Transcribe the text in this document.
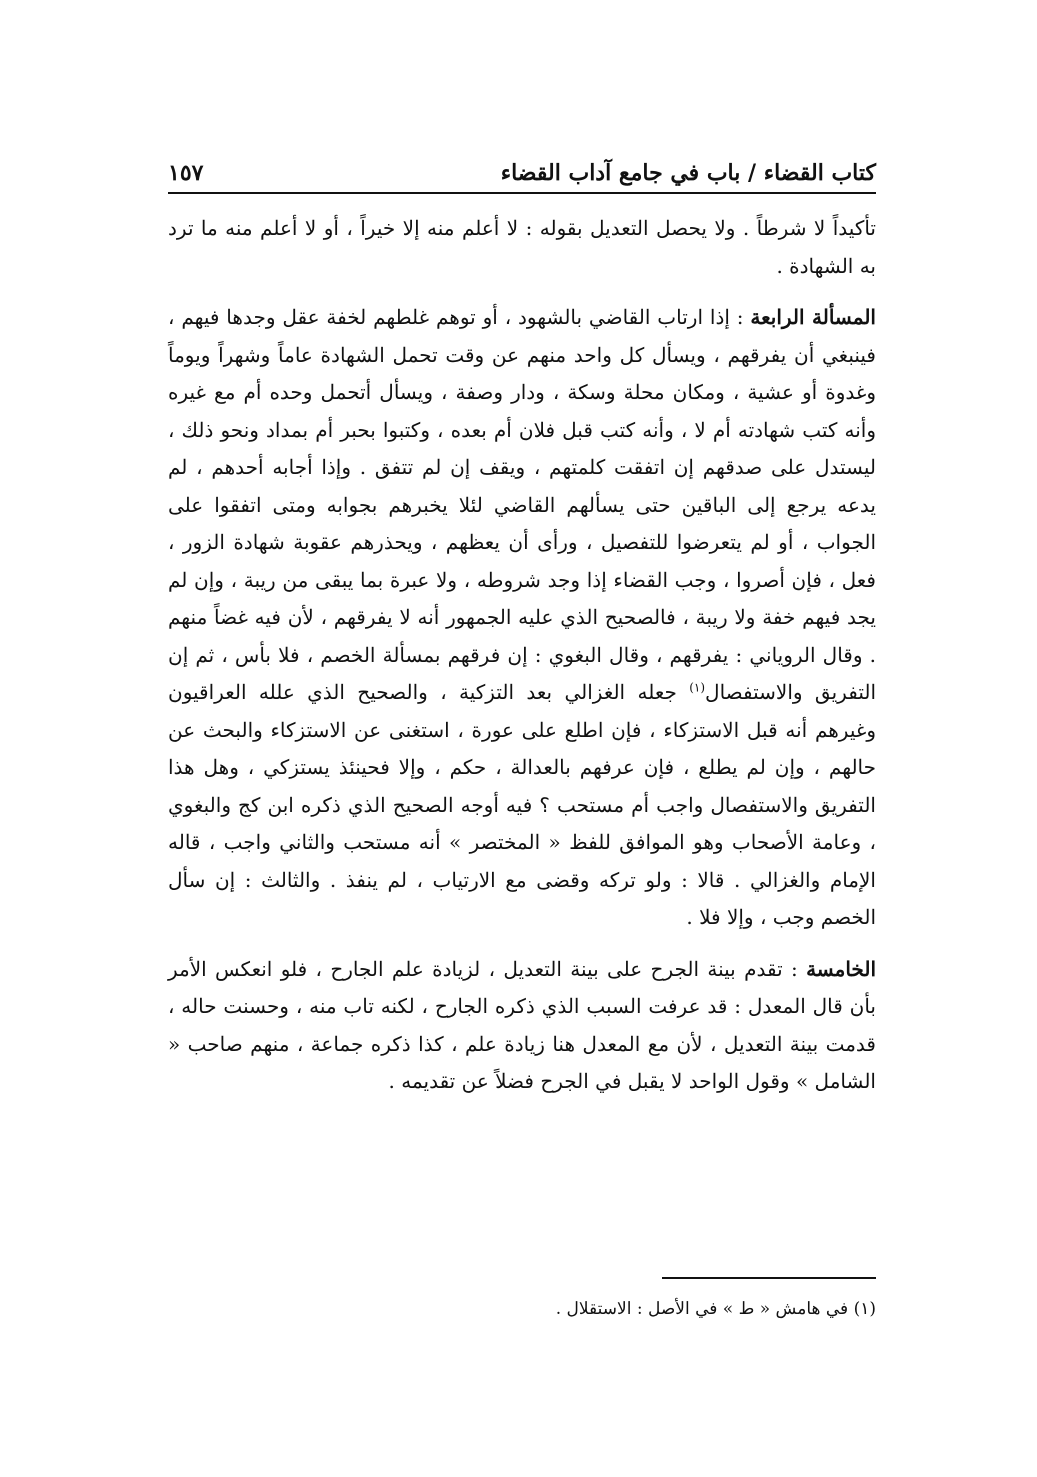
كتاب القضاء / باب في جامع آداب القضاء
١٥٧

تأكيداً لا شرطاً . ولا يحصل التعديل بقوله : لا أعلم منه إلا خيراً ، أو لا أعلم منه ما ترد به الشهادة .

المسألة الرابعة : إذا ارتاب القاضي بالشهود ، أو توهم غلطهم لخفة عقل وجدها فيهم ، فينبغي أن يفرقهم ، ويسأل كل واحد منهم عن وقت تحمل الشهادة عاماً وشهراً ويوماً وغدوة أو عشية ، ومكان محلة وسكة ، ودار وصفة ، ويسأل أتحمل وحده أم مع غيره وأنه كتب شهادته أم لا ، وأنه كتب قبل فلان أم بعده ، وكتبوا بحبر أم بمداد ونحو ذلك ، ليستدل على صدقهم إن اتفقت كلمتهم ، ويقف إن لم تتفق . وإذا أجابه أحدهم ، لم يدعه يرجع إلى الباقين حتى يسألهم القاضي لئلا يخبرهم بجوابه ومتى اتفقوا على الجواب ، أو لم يتعرضوا للتفصيل ، ورأى أن يعظهم ، ويحذرهم عقوبة شهادة الزور ، فعل ، فإن أصروا ، وجب القضاء إذا وجد شروطه ، ولا عبرة بما يبقى من ريبة ، وإن لم يجد فيهم خفة ولا ريبة ، فالصحيح الذي عليه الجمهور أنه لا يفرقهم ، لأن فيه غضاً منهم . وقال الروياني : يفرقهم ، وقال البغوي : إن فرقهم بمسألة الخصم ، فلا بأس ، ثم إن التفريق والاستفصال$^{(١)}$ جعله الغزالي بعد التزكية ، والصحيح الذي علله العراقيون وغيرهم أنه قبل الاستزكاء ، فإن اطلع على عورة ، استغنى عن الاستزكاء والبحث عن حالهم ، وإن لم يطلع ، فإن عرفهم بالعدالة ، حكم ، وإلا فحينئذ يستزكي ، وهل هذا التفريق والاستفصال واجب أم مستحب ؟ فيه أوجه الصحيح الذي ذكره ابن كج والبغوي ، وعامة الأصحاب وهو الموافق للفظ « المختصر » أنه مستحب والثاني واجب ، قاله الإمام والغزالي . قالا : ولو تركه وقضى مع الارتياب ، لم ينفذ . والثالث : إن سأل الخصم وجب ، وإلا فلا .

الخامسة : تقدم بينة الجرح على بينة التعديل ، لزيادة علم الجارح ، فلو انعكس الأمر بأن قال المعدل : قد عرفت السبب الذي ذكره الجارح ، لكنه تاب منه ، وحسنت حاله ، قدمت بينة التعديل ، لأن مع المعدل هنا زيادة علم ، كذا ذكره جماعة ، منهم صاحب « الشامل » وقول الواحد لا يقبل في الجرح فضلاً عن تقديمه .

(١) في هامش « ط » في الأصل : الاستقلال .
